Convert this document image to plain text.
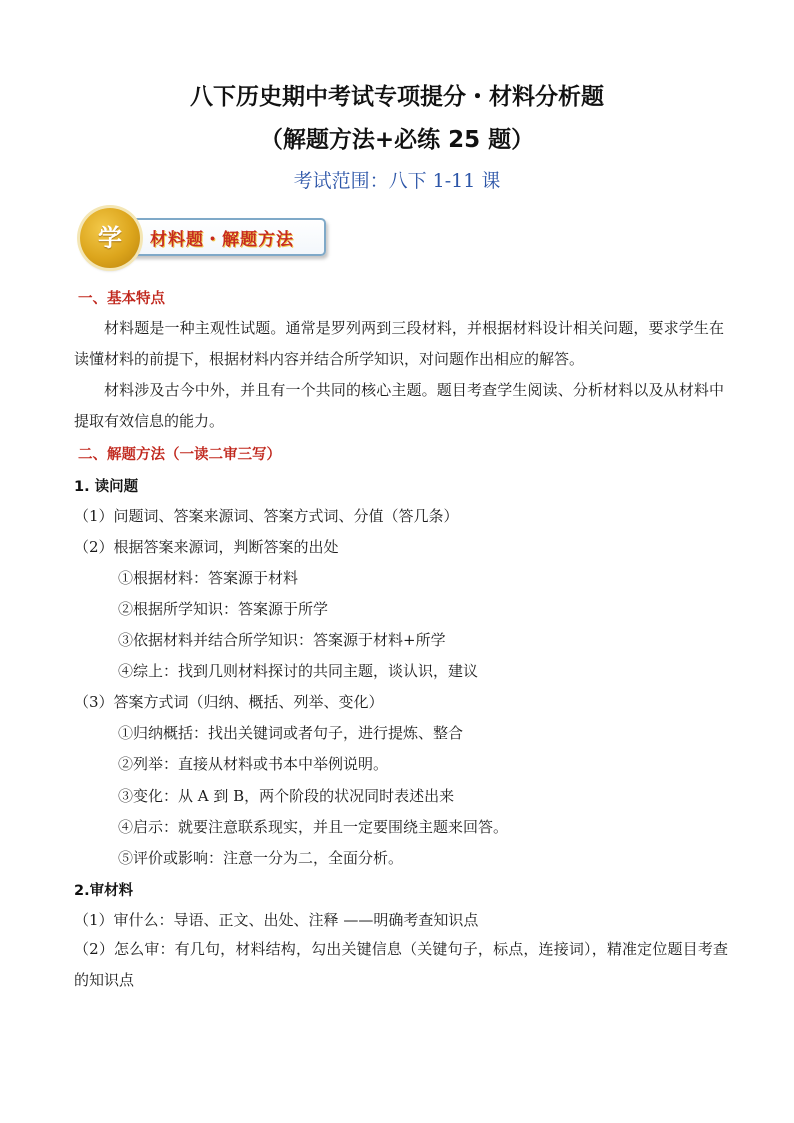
八下历史期中考试专项提分・材料分析题
（解题方法+必练 25 题）
考试范围：八下 1-11 课
材料题・解题方法
学
一、基本特点
材料题是一种主观性试题。通常是罗列两到三段材料，并根据材料设计相关问题，要求学生在读懂材料的前提下，根据材料内容并结合所学知识，对问题作出相应的解答。
材料涉及古今中外，并且有一个共同的核心主题。题目考查学生阅读、分析材料以及从材料中提取有效信息的能力。
二、解题方法（一读二审三写）
1. 读问题
（1）问题词、答案来源词、答案方式词、分值（答几条）
（2）根据答案来源词，判断答案的出处
①根据材料：答案源于材料
②根据所学知识：答案源于所学
③依据材料并结合所学知识：答案源于材料+所学
④综上：找到几则材料探讨的共同主题，谈认识，建议
（3）答案方式词（归纳、概括、列举、变化）
①归纳概括：找出关键词或者句子，进行提炼、整合
②列举：直接从材料或书本中举例说明。
③变化：从 A 到 B，两个阶段的状况同时表述出来
④启示：就要注意联系现实，并且一定要围绕主题来回答。
⑤评价或影响：注意一分为二，全面分析。
2.审材料
（1）审什么：导语、正文、出处、注释 ——明确考查知识点
（2）怎么审：有几句，材料结构，勾出关键信息（关键句子，标点，连接词），精准定位题目考查的知识点
